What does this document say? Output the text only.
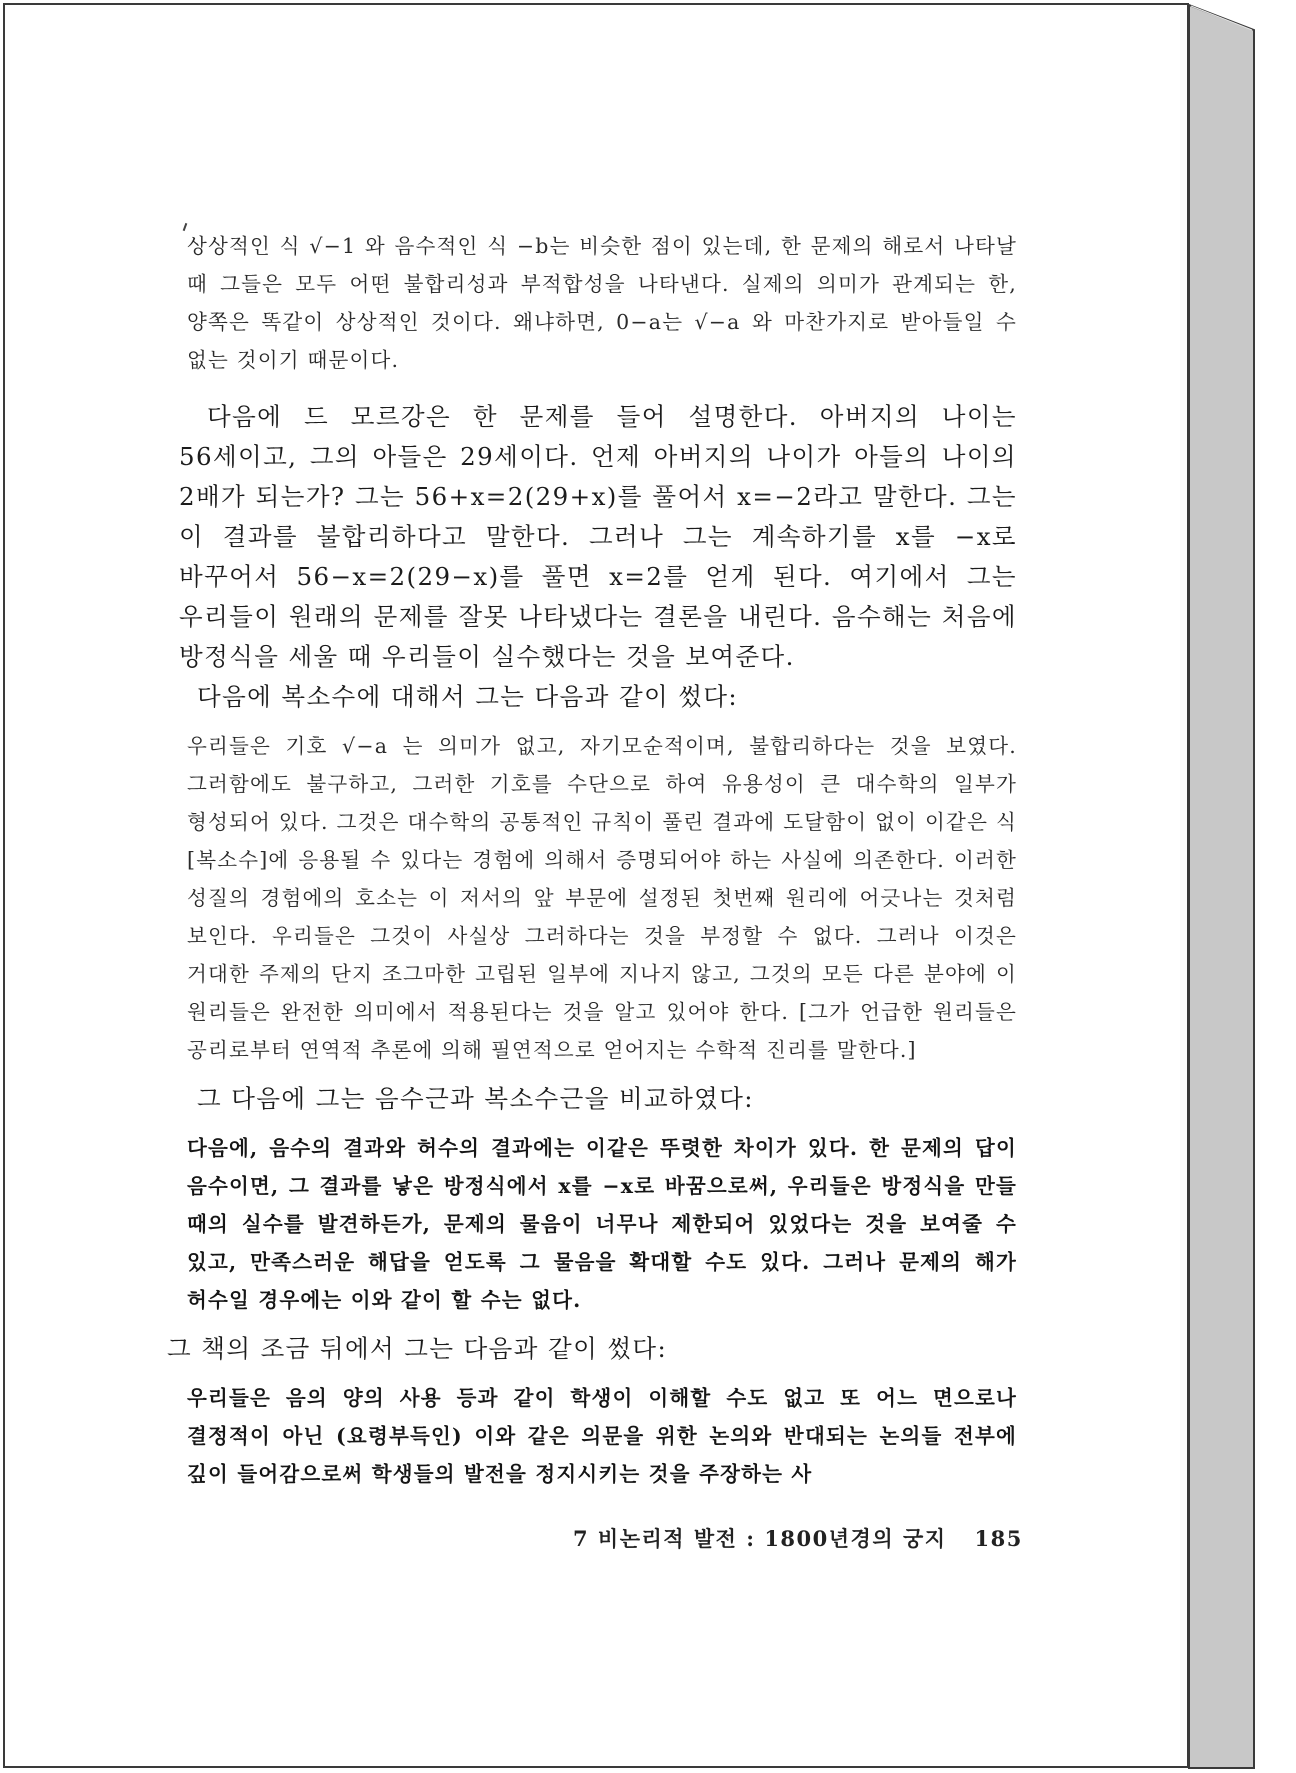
상상적인 식 √−1 와 음수적인 식 −b는 비슷한 점이 있는데, 한 문제의 해로서 나타날 때 그들은 모두 어떤 불합리성과 부적합성을 나타낸다. 실제의 의미가 관계되는 한, 양쪽은 똑같이 상상적인 것이다. 왜냐하면, 0−a는 √−a 와 마찬가지로 받아들일 수 없는 것이기 때문이다.

다음에 드 모르강은 한 문제를 들어 설명한다. 아버지의 나이는 56세이고, 그의 아들은 29세이다. 언제 아버지의 나이가 아들의 나이의 2배가 되는가? 그는 56+x=2(29+x)를 풀어서 x=−2라고 말한다. 그는 이 결과를 불합리하다고 말한다. 그러나 그는 계속하기를 x를 −x로 바꾸어서 56−x=2(29−x)를 풀면 x=2를 얻게 된다. 여기에서 그는 우리들이 원래의 문제를 잘못 나타냈다는 결론을 내린다. 음수해는 처음에 방정식을 세울 때 우리들이 실수했다는 것을 보여준다.

다음에 복소수에 대해서 그는 다음과 같이 썼다:

우리들은 기호 √−a 는 의미가 없고, 자기모순적이며, 불합리하다는 것을 보였다. 그러함에도 불구하고, 그러한 기호를 수단으로 하여 유용성이 큰 대수학의 일부가 형성되어 있다. 그것은 대수학의 공통적인 규칙이 풀린 결과에 도달함이 없이 이같은 식 [복소수]에 응용될 수 있다는 경험에 의해서 증명되어야 하는 사실에 의존한다. 이러한 성질의 경험에의 호소는 이 저서의 앞 부문에 설정된 첫번째 원리에 어긋나는 것처럼 보인다. 우리들은 그것이 사실상 그러하다는 것을 부정할 수 없다. 그러나 이것은 거대한 주제의 단지 조그마한 고립된 일부에 지나지 않고, 그것의 모든 다른 분야에 이 원리들은 완전한 의미에서 적용된다는 것을 알고 있어야 한다. [그가 언급한 원리들은 공리로부터 연역적 추론에 의해 필연적으로 얻어지는 수학적 진리를 말한다.]

그 다음에 그는 음수근과 복소수근을 비교하였다:

다음에, 음수의 결과와 허수의 결과에는 이같은 뚜렷한 차이가 있다. 한 문제의 답이 음수이면, 그 결과를 낳은 방정식에서 x를 −x로 바꿈으로써, 우리들은 방정식을 만들 때의 실수를 발견하든가, 문제의 물음이 너무나 제한되어 있었다는 것을 보여줄 수 있고, 만족스러운 해답을 얻도록 그 물음을 확대할 수도 있다. 그러나 문제의 해가 허수일 경우에는 이와 같이 할 수는 없다.

그 책의 조금 뒤에서 그는 다음과 같이 썼다:

우리들은 음의 양의 사용 등과 같이 학생이 이해할 수도 없고 또 어느 면으로나 결정적이 아닌 (요령부득인) 이와 같은 의문을 위한 논의와 반대되는 논의들 전부에 깊이 들어감으로써 학생들의 발전을 정지시키는 것을 주장하는 사

7 비논리적 발전 : 1800년경의 궁지 185
